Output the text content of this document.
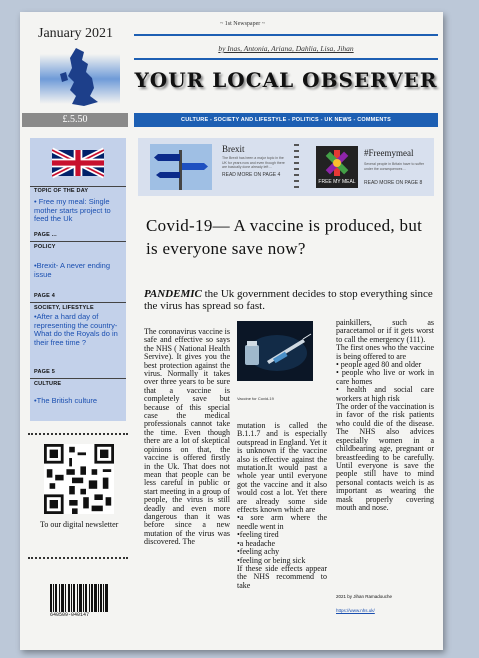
January 2021
£.5.50
TOPIC OF THE DAY
• Free my meal: Single mother starts project to feed the Uk
PAGE ...
POLICY
•Brexit- A never ending issue
PAGE 4
SOCIETY, LIFESTYLE
•After a hard day of representing the country- What do the Royals do in their free time ?
PAGE 5
CULTURE
•The British culture
To our digital newsletter
640509-040147
~ 1st Newspaper ~
by Inas, Antonia, Ariana, Dahlia, Lisa, Jihan
YOUR LOCAL OBSERVER
CULTURE - SOCIETY AND LIFESTYLE - POLITICS - UK NEWS - COMMENTS
Brexit
The Brexit has been a major topic in the UK for years now and even though there are basically done already left ...
READ MORE ON PAGE 4
FREE MY MEAL
#Freemymeal
Several people in Britain have to suffer under the consequences ...
READ MORE ON PAGE 8
Covid-19— A vaccine is produced, but is everyone save now?
PANDEMIC the Uk government decides to stop everything since the virus has spread so fast.
The coronavirus vaccine is safe and effective so says the NHS ( National Health Servive). It gives you the best protection against the virus. Normally it takes over three years to be sure that a vaccine is completely save but because of this special case the medical professionals cannot take the time. Even though there are a lot of skeptical opinions on that, the vaccine is offered firstly in the Uk. That does not mean that people can be less careful in public or start meeting in a group of people, the virus is still deadly and even more dangerous than it was before since a new mutation of the virus was discovered. The
Vaccine for Covid-19
mutation is called the B.1.1.7 and is especially outspread in England. Yet it is unknown if the vaccine also is effective against the mutation.It would past a whole year until everyone got the vaccine and it also would cost a lot. Yet there are already some side effects known which are
•a sore arm where the needle went in
•feeling tired
•a headache
•feeling achy
•feeling or being sick
If these side effects appear the NHS recommend to take
painkillers, such as paracetamol or if it gets worst to call the emergency (111).
The first ones who the vaccine is being offered to are
• people aged 80 and older
• people who live or work in care homes
• health and social care workers at high risk
The order of the vaccination is in favor of the risk patients who could die of the disease. The NHS also advices especially women in a childbearing age, pregnant or breastfeeding to be carefully. Until everyone is save the people still have to mind personal contacts weich is as important as wearing the mask properly covering mouth and nose.
2021 by Jihan Ramadouche
https://www.nhs.uk/
